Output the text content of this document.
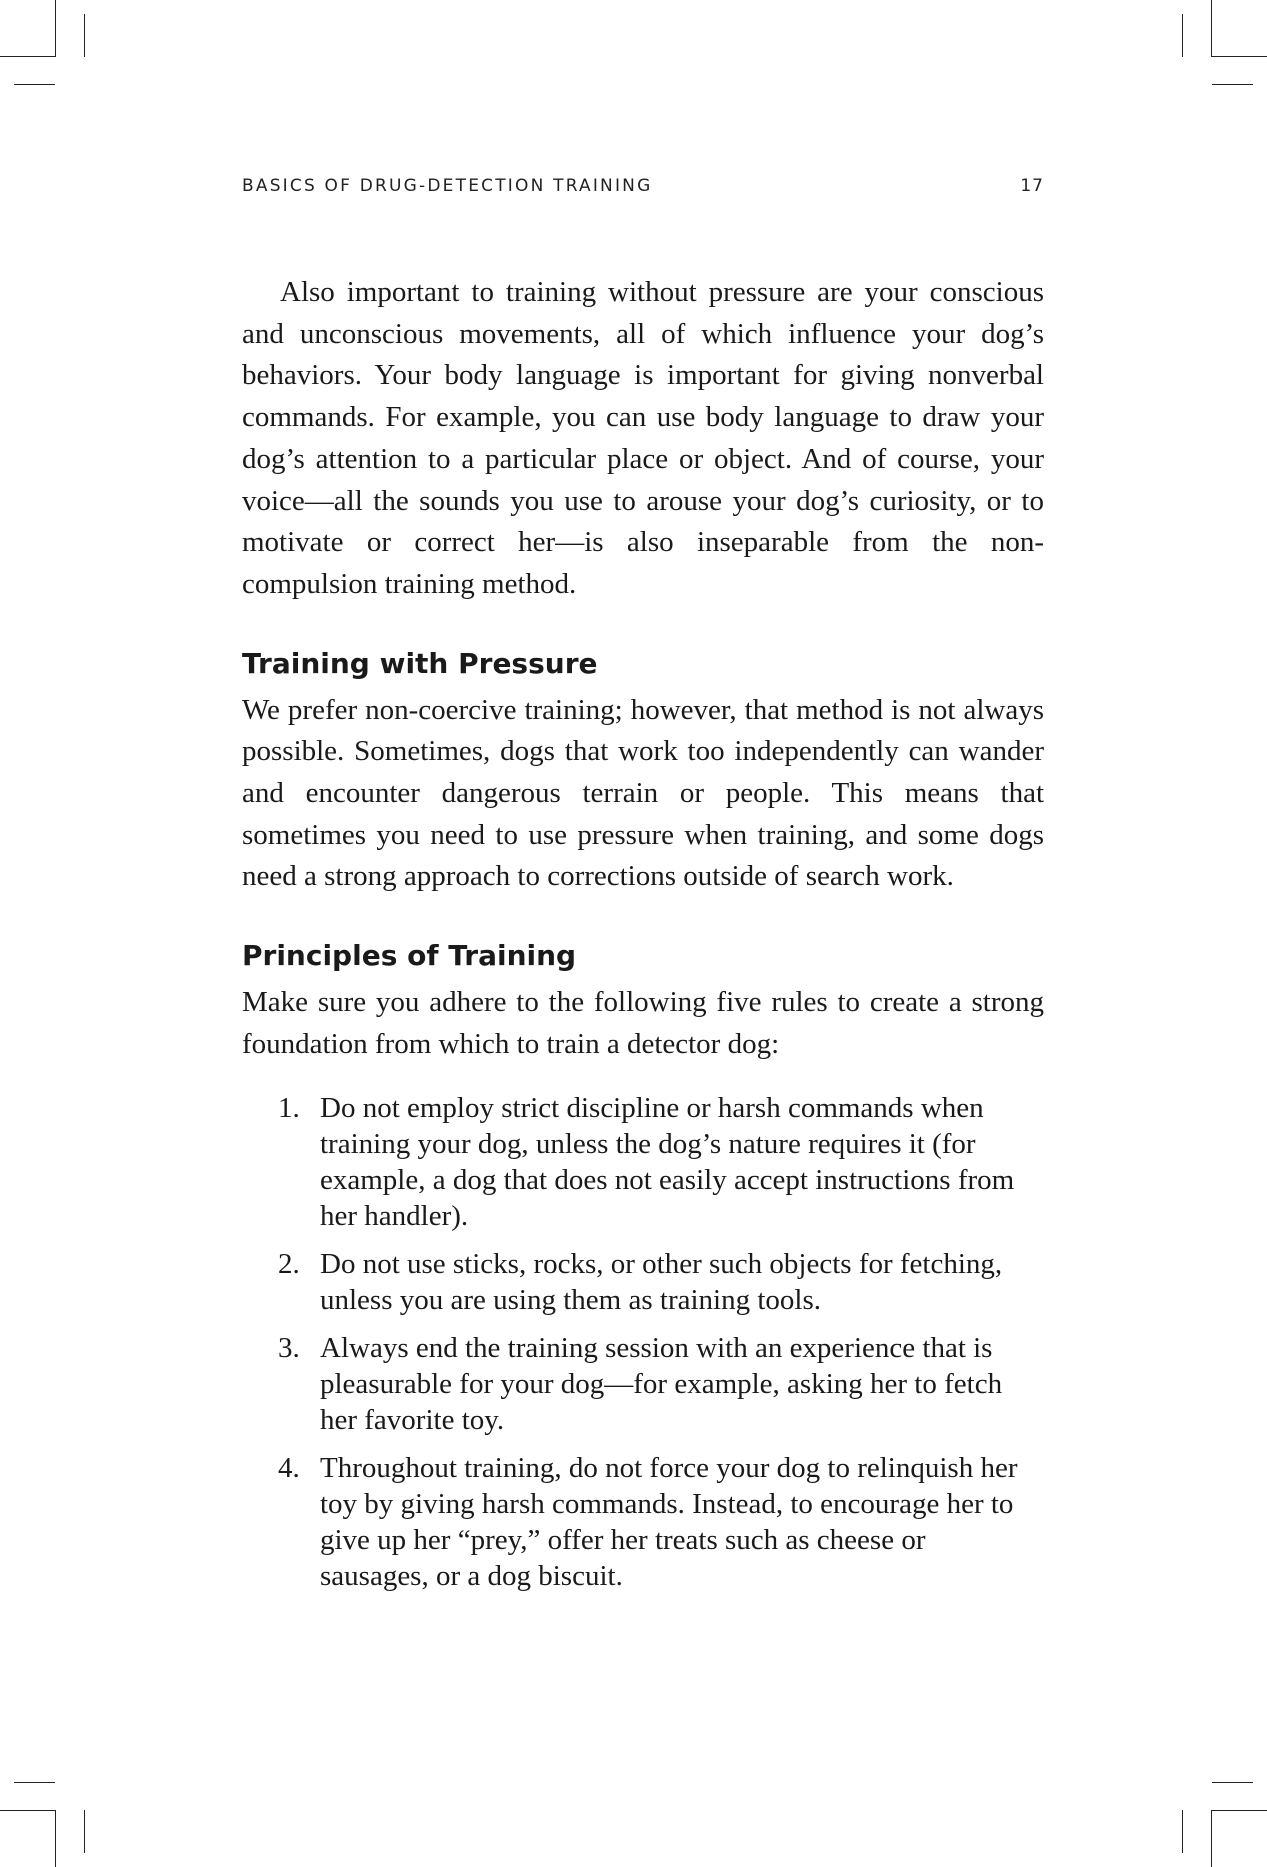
BASICS OF DRUG-DETECTION TRAINING	17

Also important to training without pressure are your conscious and unconscious movements, all of which influence your dog’s behaviors. Your body language is important for giving nonverbal commands. For example, you can use body language to draw your dog’s attention to a particular place or object. And of course, your voice—all the sounds you use to arouse your dog’s curiosity, or to motivate or correct her—is also inseparable from the non-compulsion training method.

Training with Pressure

We prefer non-coercive training; however, that method is not always possible. Sometimes, dogs that work too independently can wander and encounter dangerous terrain or people. This means that sometimes you need to use pressure when training, and some dogs need a strong approach to corrections outside of search work.

Principles of Training

Make sure you adhere to the following five rules to create a strong foundation from which to train a detector dog:

1. Do not employ strict discipline or harsh commands when training your dog, unless the dog’s nature requires it (for example, a dog that does not easily accept instructions from her handler).
2. Do not use sticks, rocks, or other such objects for fetching, unless you are using them as training tools.
3. Always end the training session with an experience that is pleasurable for your dog—for example, asking her to fetch her favorite toy.
4. Throughout training, do not force your dog to relinquish her toy by giving harsh commands. Instead, to encourage her to give up her “prey,” offer her treats such as cheese or sausages, or a dog biscuit.
